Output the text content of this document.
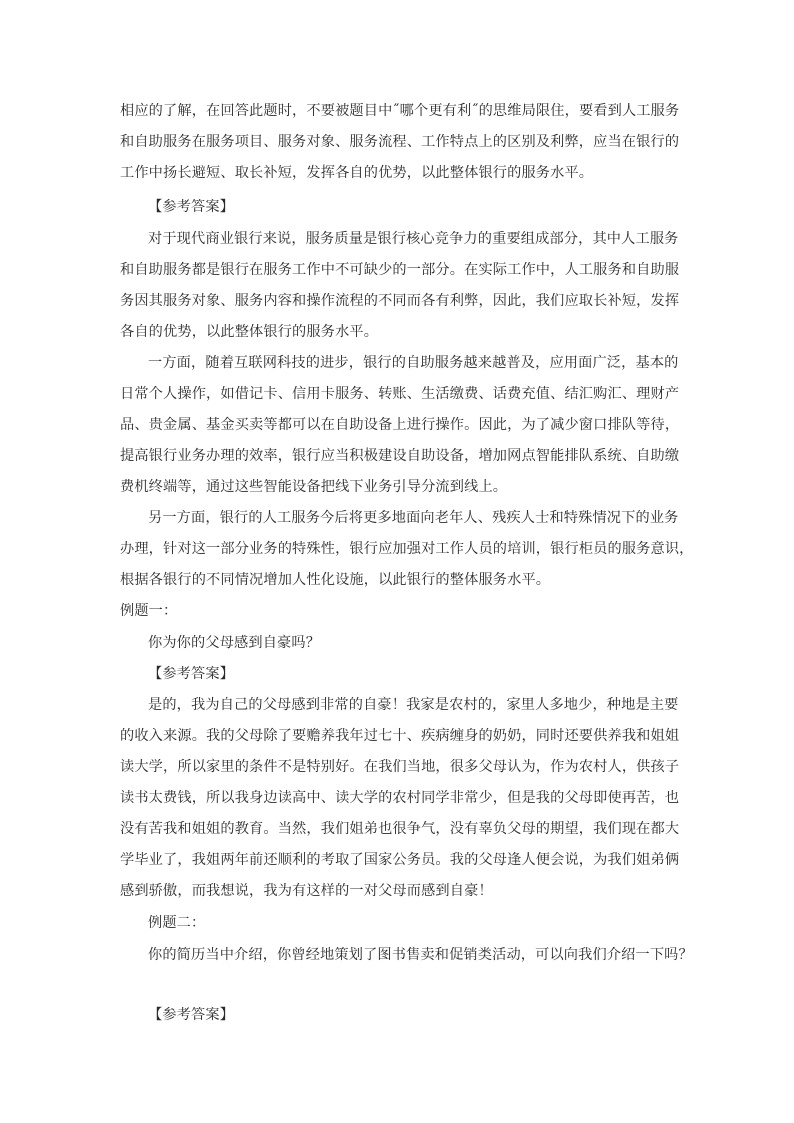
相应的了解，在回答此题时，不要被题目中˝哪个更有利˝的思维局限住，要看到人工服务
和自助服务在服务项目、服务对象、服务流程、工作特点上的区别及利弊，应当在银行的
工作中扬长避短、取长补短，发挥各自的优势，以此整体银行的服务水平。
【参考答案】
对于现代商业银行来说，服务质量是银行核心竞争力的重要组成部分，其中人工服务
和自助服务都是银行在服务工作中不可缺少的一部分。在实际工作中，人工服务和自助服
务因其服务对象、服务内容和操作流程的不同而各有利弊，因此，我们应取长补短，发挥
各自的优势，以此整体银行的服务水平。
一方面，随着互联网科技的进步，银行的自助服务越来越普及，应用面广泛，基本的
日常个人操作，如借记卡、信用卡服务、转账、生活缴费、话费充值、结汇购汇、理财产
品、贵金属、基金买卖等都可以在自助设备上进行操作。因此，为了减少窗口排队等待，
提高银行业务办理的效率，银行应当积极建设自助设备，增加网点智能排队系统、自助缴
费机终端等，通过这些智能设备把线下业务引导分流到线上。
另一方面，银行的人工服务今后将更多地面向老年人、残疾人士和特殊情况下的业务
办理，针对这一部分业务的特殊性，银行应加强对工作人员的培训，银行柜员的服务意识，
根据各银行的不同情况增加人性化设施，以此银行的整体服务水平。
例题一：
你为你的父母感到自豪吗？
【参考答案】
是的，我为自己的父母感到非常的自豪！我家是农村的，家里人多地少，种地是主要
的收入来源。我的父母除了要赡养我年过七十、疾病缠身的奶奶，同时还要供养我和姐姐
读大学，所以家里的条件不是特别好。在我们当地，很多父母认为，作为农村人，供孩子
读书太费钱，所以我身边读高中、读大学的农村同学非常少，但是我的父母即使再苦，也
没有苦我和姐姐的教育。当然，我们姐弟也很争气，没有辜负父母的期望，我们现在都大
学毕业了，我姐两年前还顺利的考取了国家公务员。我的父母逢人便会说，为我们姐弟俩
感到骄傲，而我想说，我为有这样的一对父母而感到自豪！
例题二：
你的简历当中介绍，你曾经地策划了图书售卖和促销类活动，可以向我们介绍一下吗？
【参考答案】
